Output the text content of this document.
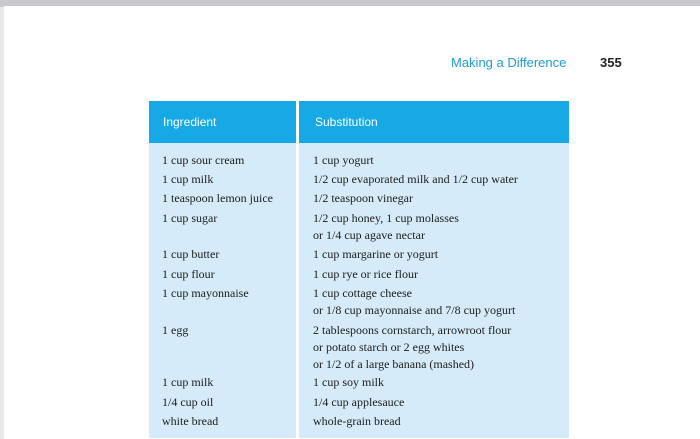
Making a Difference	355
Ingredient	Substitution
1 cup sour cream	1 cup yogurt
1 cup milk	1/2 cup evaporated milk and 1/2 cup water
1 teaspoon lemon juice	1/2 teaspoon vinegar
1 cup sugar	1/2 cup honey, 1 cup molasses
or 1/4 cup agave nectar
1 cup butter	1 cup margarine or yogurt
1 cup flour	1 cup rye or rice flour
1 cup mayonnaise	1 cup cottage cheese
or 1/8 cup mayonnaise and 7/8 cup yogurt
1 egg	2 tablespoons cornstarch, arrowroot flour
or potato starch or 2 egg whites
or 1/2 of a large banana (mashed)
1 cup milk	1 cup soy milk
1/4 cup oil	1/4 cup applesauce
white bread	whole-grain bread
